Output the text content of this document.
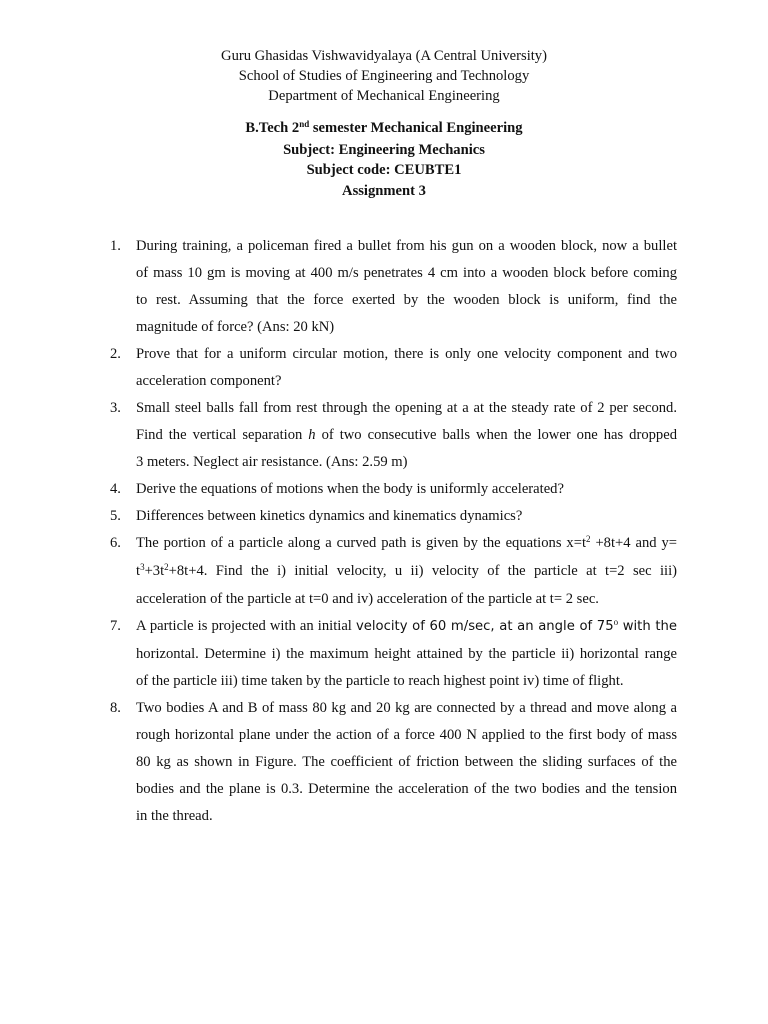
Guru Ghasidas Vishwavidyalaya (A Central University)
School of Studies of Engineering and Technology
Department of Mechanical Engineering
B.Tech 2nd semester Mechanical Engineering
Subject: Engineering Mechanics
Subject code: CEUBTE1
Assignment 3
1.	During training, a policeman fired a bullet from his gun on a wooden block, now a bullet
of mass 10 gm is moving at 400 m/s penetrates 4 cm into a wooden block before coming
to rest. Assuming that the force exerted by the wooden block is uniform, find the
magnitude of force? (Ans: 20 kN)
2.	Prove that for a uniform circular motion, there is only one velocity component and two
acceleration component?
3.	Small steel balls fall from rest through the opening at a at the steady rate of 2 per second.
Find the vertical separation h of two consecutive balls when the lower one has dropped
3 meters. Neglect air resistance. (Ans: 2.59 m)
4.	Derive the equations of motions when the body is uniformly accelerated?
5.	Differences between kinetics dynamics and kinematics dynamics?
6.	The portion of a particle along a curved path is given by the equations $x=t^2 +8t+4$ and y=
$t^3+3t^2+8t+4$. Find the i) initial velocity, u ii) velocity of the particle at t=2 sec iii)
acceleration of the particle at t=0 and iv) acceleration of the particle at t= 2 sec.
7.	A particle is projected with an initial velocity of 60 m/sec, at an angle of 75$^o$ with the
horizontal. Determine i) the maximum height attained by the particle ii) horizontal range
of the particle iii) time taken by the particle to reach highest point iv) time of flight.
8.	Two bodies A and B of mass 80 kg and 20 kg are connected by a thread and move along a
rough horizontal plane under the action of a force 400 N applied to the first body of mass
80 kg as shown in Figure. The coefficient of friction between the sliding surfaces of the
bodies and the plane is 0.3. Determine the acceleration of the two bodies and the tension
in the thread.
